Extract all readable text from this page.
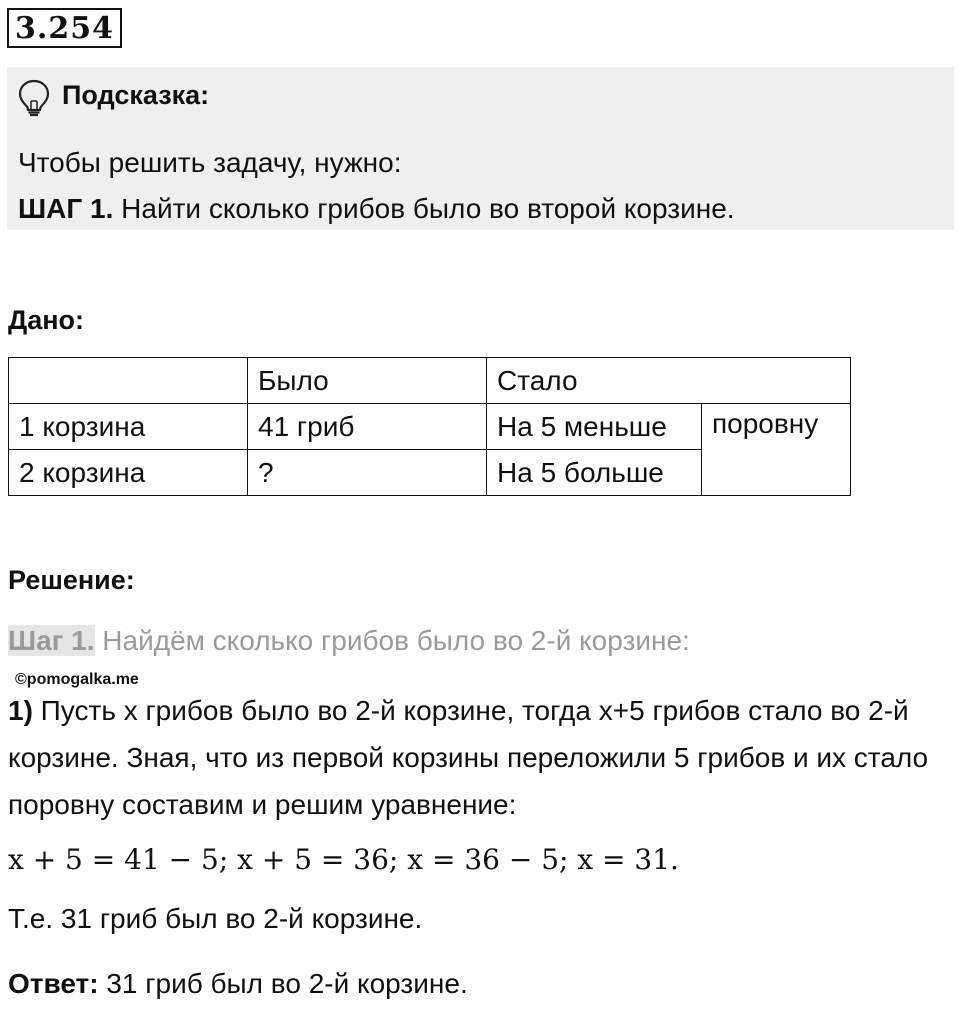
3.254
Подсказка:
Чтобы решить задачу, нужно:
ШАГ 1. Найти сколько грибов было во второй корзине.
Дано:
	Было	Стало	
1 корзина	41 гриб	На 5 меньше	поровну
2 корзина	?	На 5 больше	
Решение:
Шаг 1. Найдём сколько грибов было во 2-й корзине:
©pomogalka.me
1) Пусть x грибов было во 2-й корзине, тогда x+5 грибов стало во 2-й корзине. Зная, что из первой корзины переложили 5 грибов и их стало поровну составим и решим уравнение:
x + 5 = 41 − 5; x + 5 = 36; x = 36 − 5; x = 31.
Т.е. 31 гриб был во 2-й корзине.
Ответ: 31 гриб был во 2-й корзине.
